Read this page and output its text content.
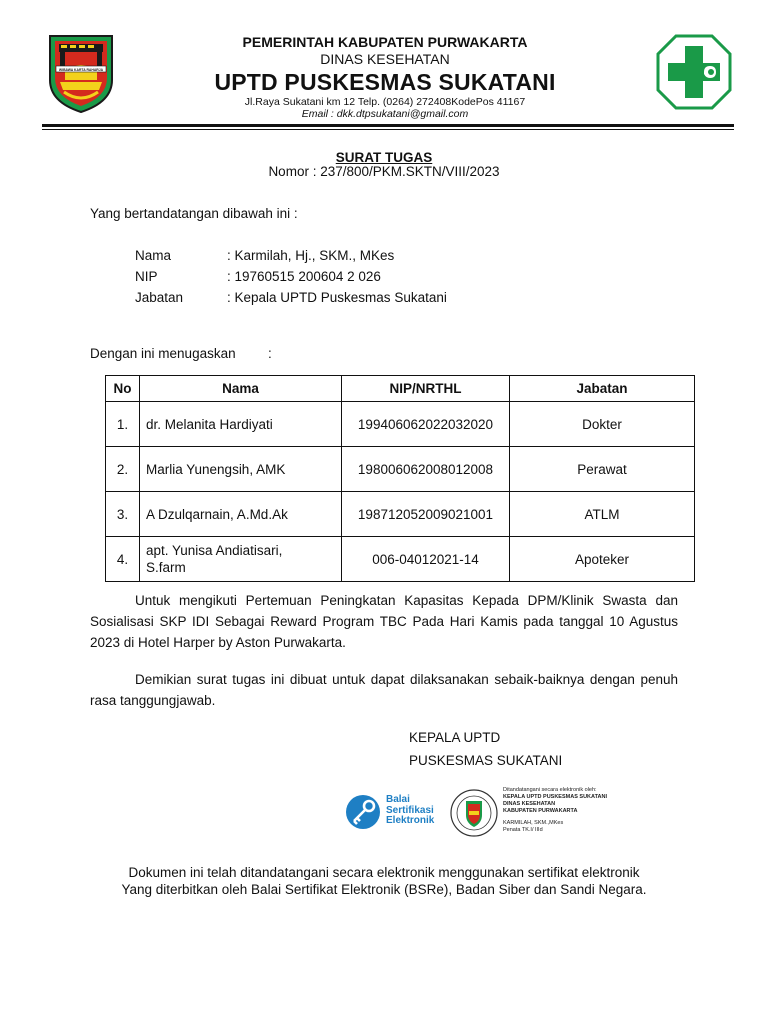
WIBAWA KARTA RAHARJA
PEMERINTAH KABUPATEN PURWAKARTA
DINAS KESEHATAN
UPTD PUSKESMAS SUKATANI
Jl.Raya Sukatani km 12 Telp. (0264) 272408KodePos 41167
Email : dkk.dtpsukatani@gmail.com
SURAT TUGAS
Nomor : 237/800/PKM.SKTN/VIII/2023
Yang bertandatangan dibawah ini :
Nama	: Karmilah, Hj., SKM., MKes
NIP	: 19760515 200604 2 026
Jabatan	: Kepala UPTD Puskesmas Sukatani
Dengan ini menugaskan :
No	Nama	NIP/NRTHL	Jabatan
1.	dr. Melanita Hardiyati	199406062022032020	Dokter
2.	Marlia Yunengsih, AMK	198006062008012008	Perawat
3.	A Dzulqarnain, A.Md.Ak	198712052009021001	ATLM
4.	apt. Yunisa Andiatisari, S.farm	006-04012021-14	Apoteker
Untuk mengikuti Pertemuan Peningkatan Kapasitas Kepada DPM/Klinik Swasta dan Sosialisasi SKP IDI Sebagai Reward Program TBC Pada Hari Kamis pada tanggal 10 Agustus 2023 di Hotel Harper by Aston Purwakarta.
Demikian surat tugas ini dibuat untuk dapat dilaksanakan sebaik-baiknya dengan penuh rasa tanggungjawab.
KEPALA UPTD
PUSKESMAS SUKATANI
Balai
Sertifikasi
Elektronik
Ditandatangani secara elektronik oleh:
KEPALA UPTD PUSKESMAS SUKATANI
DINAS KESEHATAN
KABUPATEN PURWAKARTA
KARMILAH, SKM.,MKes
Penata TK.I/ IIId
Dokumen ini telah ditandatangani secara elektronik menggunakan sertifikat elektronik
Yang diterbitkan oleh Balai Sertifikat Elektronik (BSRe), Badan Siber dan Sandi Negara.
